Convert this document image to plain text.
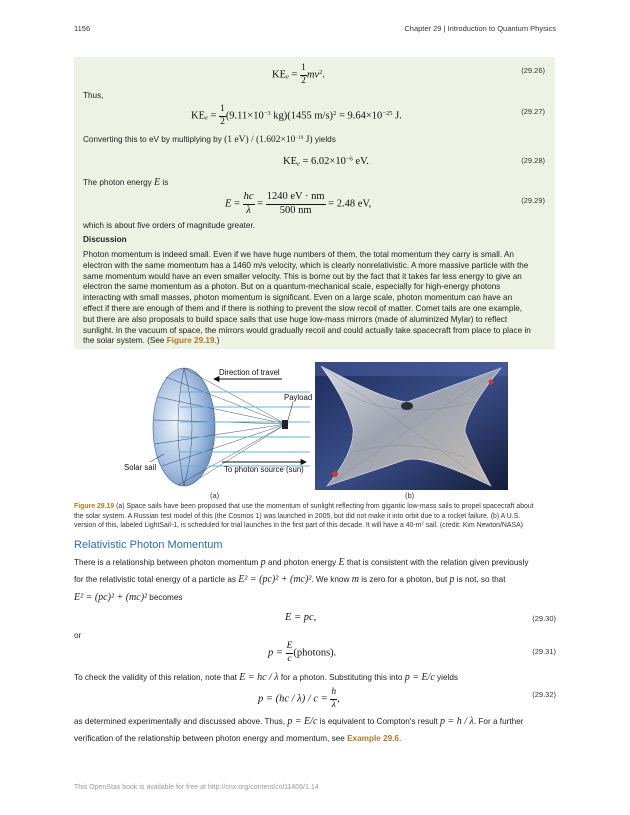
1156	Chapter 29 | Introduction to Quantum Physics
$KE_e = \frac{1}{2} mv^2$.	(29.26)
Thus,
$KE_e = \frac{1}{2} (9.11\times 10^{-3}$ kg)(1455 $m/s)^2 = 9.64\times 10^{-25}$ J.	(29.27)
Converting this to eV by multiplying by (1 $eV) / (1.602\times 10^{-19}$ J) yields
$KE_e = 6.02\times 10^{-6}$ eV.	(29.28)
The photon energy E is
$E = \frac{hc}{\lambda} = \frac{1240 eV \cdot nm}{500 nm} = 2.48$ eV,	(29.29)
which is about five orders of magnitude greater.
Discussion
Photon momentum is indeed small. Even if we have huge numbers of them, the total momentum they carry is small. An
electron with the same momentum has a 1460 m/s velocity, which is clearly nonrelativistic. A more massive particle with the
same momentum would have an even smaller velocity. This is borne out by the fact that it takes far less energy to give an
electron the same momentum as a photon. But on a quantum-mechanical scale, especially for high-energy photons
interacting with small masses, photon momentum is significant. Even on a large scale, photon momentum can have an
effect if there are enough of them and if there is nothing to prevent the slow recoil of matter. Comet tails are one example,
but there are also proposals to build space sails that use huge low-mass mirrors (made of aluminized Mylar) to reflect
sunlight. In the vacuum of space, the mirrors would gradually recoil and could actually take spacecraft from place to place in
the solar system. (See Figure 29.19.)
Direction of travel
Payload
Solar sail	To photon source (sun)
(a)	(b)
Figure 29.19 (a) Space sails have been proposed that use the momentum of sunlight reflecting from gigantic low-mass sails to propel spacecraft about
the solar system. A Russian test model of this (the Cosmos 1) was launched in 2005, but did not make it into orbit due to a rocket failure. (b) A U.S.
version of this, labeled LightSail-1, is scheduled for trial launches in the first part of this decade. It will have a $40-m^2$ sail. (credit: Kim Newton/NASA)
Relativistic Photon Momentum
There is a relationship between photon momentum p and photon energy E that is consistent with the relation given previously
for the relativistic total energy of a particle as E² = (pc)² + (mc)². We know m is zero for a photon, but p is not, so that
E² = (pc)² + (mc)² becomes
E = pc,	(29.30)
or
$p = \frac{E}{c}$ (photons).	(29.31)
To check the validity of this relation, note that E = hc / λ for a photon. Substituting this into p = E/c yields
$p = (hc / \lambda) / c = \frac{h}{\lambda}$ ,	(29.32)
as determined experimentally and discussed above. Thus, p = E/c is equivalent to Compton's result p = h / λ. For a further
verification of the relationship between photon energy and momentum, see Example 29.6.
This OpenStax book is available for free at http://cnx.org/content/col11406/1.14
